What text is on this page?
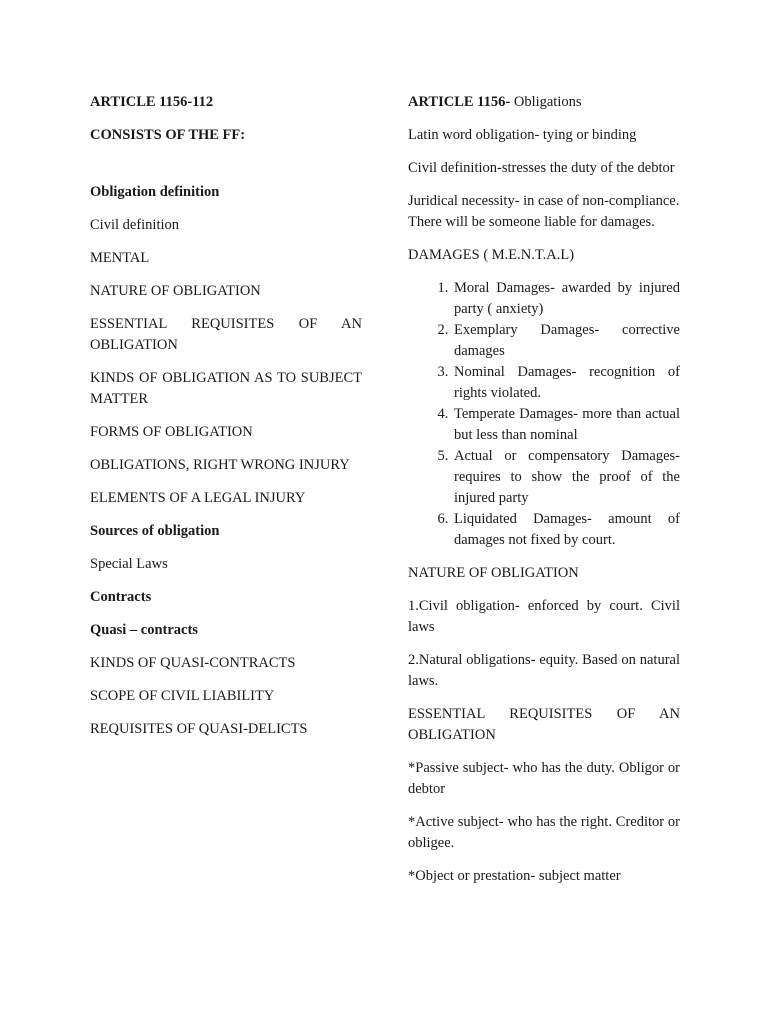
ARTICLE 1156-112

CONSISTS OF THE FF:

Obligation definition

Civil definition

MENTAL

NATURE OF OBLIGATION

ESSENTIAL REQUISITES OF AN OBLIGATION

KINDS OF OBLIGATION AS TO SUBJECT MATTER

FORMS OF OBLIGATION

OBLIGATIONS, RIGHT WRONG INJURY

ELEMENTS OF A LEGAL INJURY

Sources of obligation

Special Laws

Contracts

Quasi – contracts

KINDS OF QUASI-CONTRACTS

SCOPE OF CIVIL LIABILITY

REQUISITES OF QUASI-DELICTS

ARTICLE 1156- Obligations

Latin word obligation- tying or binding

Civil definition-stresses the duty of the debtor

Juridical necessity- in case of non-compliance. There will be someone liable for damages.

DAMAGES ( M.E.N.T.A.L)

1. Moral Damages- awarded by injured party ( anxiety)
2. Exemplary Damages- corrective damages
3. Nominal Damages- recognition of rights violated.
4. Temperate Damages- more than actual but less than nominal
5. Actual or compensatory Damages- requires to show the proof of the injured party
6. Liquidated Damages- amount of damages not fixed by court.

NATURE OF OBLIGATION

1.Civil obligation- enforced by court. Civil laws

2.Natural obligations- equity. Based on natural laws.

ESSENTIAL REQUISITES OF AN OBLIGATION

*Passive subject- who has the duty. Obligor or debtor

*Active subject- who has the right. Creditor or obligee.

*Object or prestation- subject matter
